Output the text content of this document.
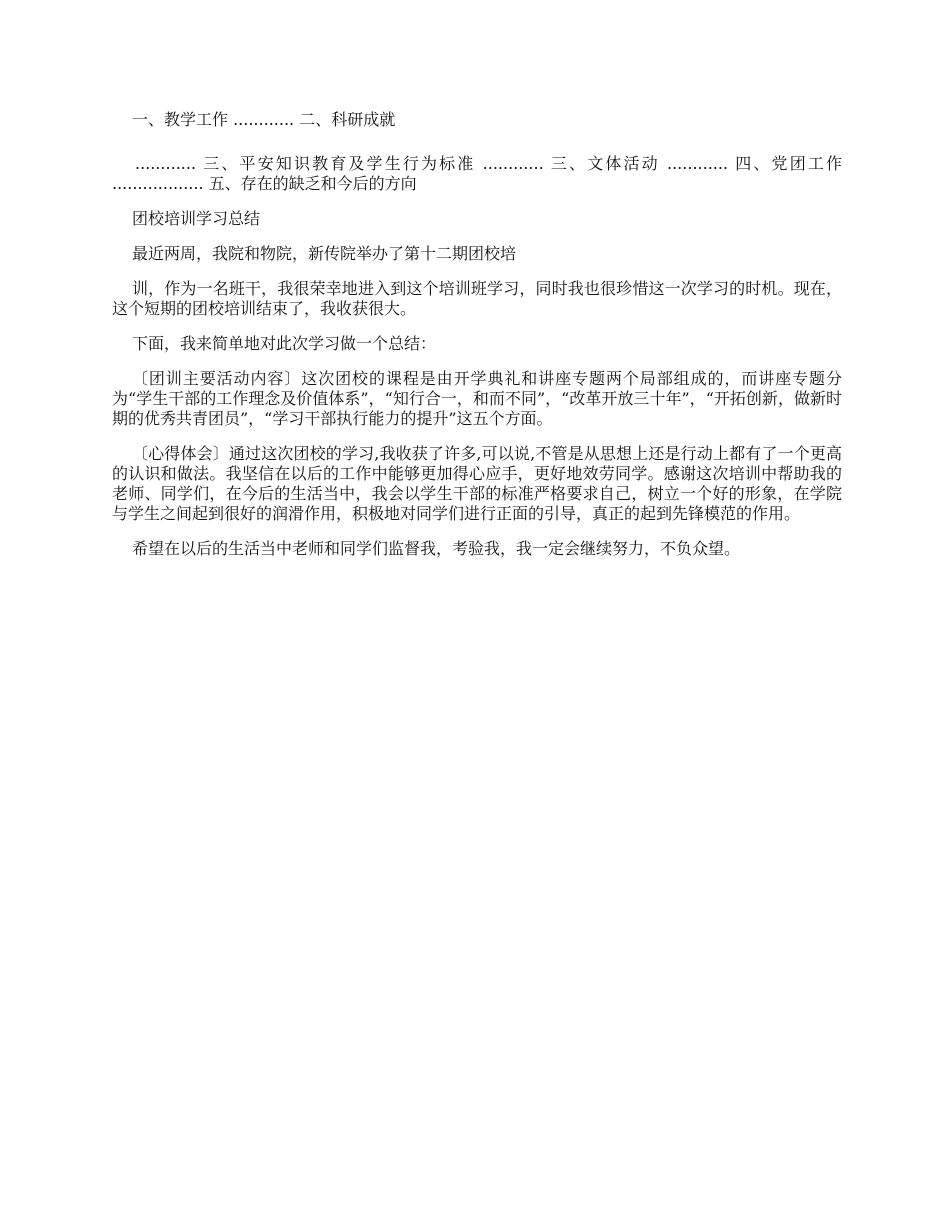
一、教学工作 ............ 二、科研成就

............ 三、平安知识教育及学生行为标准 ............ 三、文体活动 ............ 四、党团工作 .................. 五、存在的缺乏和今后的方向

团校培训学习总结

最近两周，我院和物院，新传院举办了第十二期团校培

训，作为一名班干，我很荣幸地进入到这个培训班学习，同时我也很珍惜这一次学习的时机。现在，这个短期的团校培训结束了，我收获很大。

下面，我来简单地对此次学习做一个总结：

〔团训主要活动内容〕这次团校的课程是由开学典礼和讲座专题两个局部组成的，而讲座专题分为“学生干部的工作理念及价值体系”，“知行合一，和而不同”，“改革开放三十年”，“开拓创新，做新时期的优秀共青团员”，“学习干部执行能力的提升”这五个方面。

〔心得体会〕通过这次团校的学习,我收获了许多,可以说,不管是从思想上还是行动上都有了一个更高的认识和做法。我坚信在以后的工作中能够更加得心应手，更好地效劳同学。感谢这次培训中帮助我的老师、同学们，在今后的生活当中，我会以学生干部的标准严格要求自己，树立一个好的形象，在学院与学生之间起到很好的润滑作用，积极地对同学们进行正面的引导，真正的起到先锋模范的作用。

希望在以后的生活当中老师和同学们监督我，考验我，我一定会继续努力，不负众望。
